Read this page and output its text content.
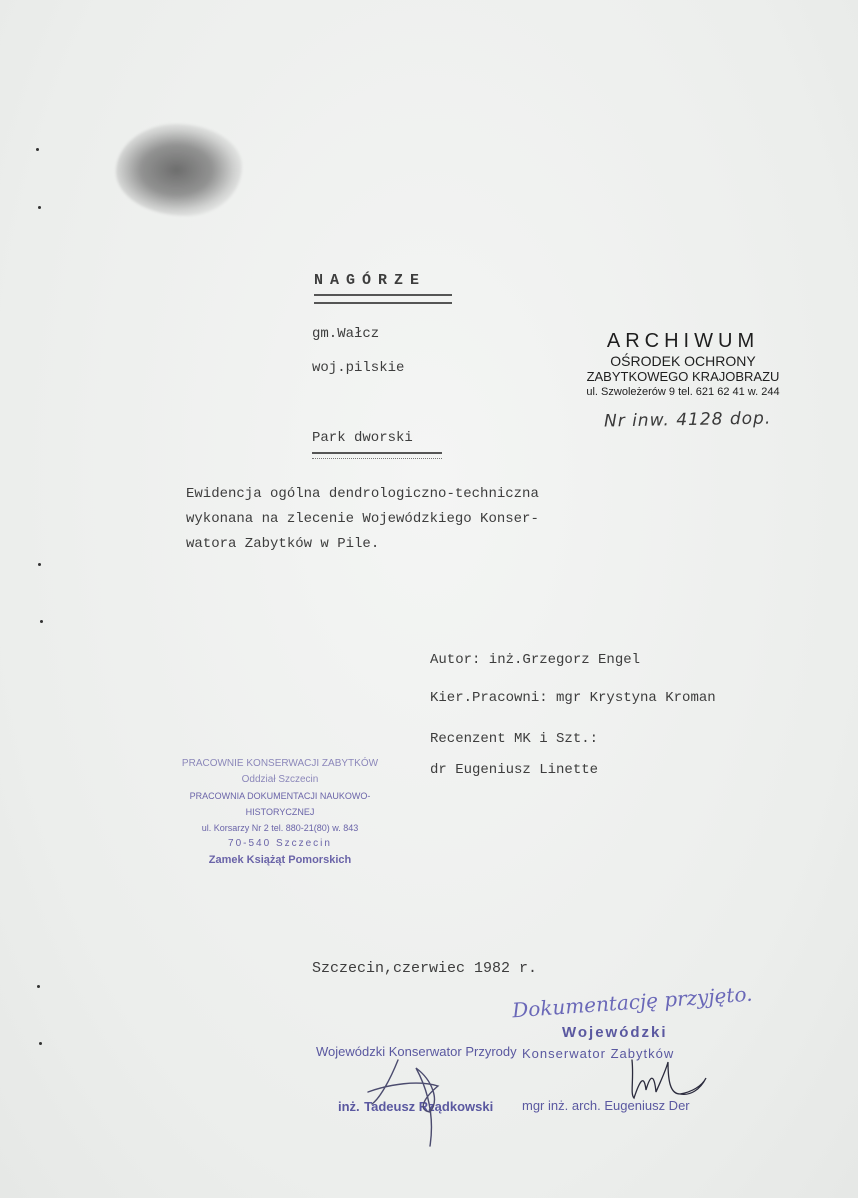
NAGÓRZE
gm.Wałcz
woj.pilskie
ARCHIWUM
OŚRODEK OCHRONY
ZABYTKOWEGO KRAJOBRAZU
ul. Szwoleżerów 9 tel. 621 62 41 w. 244
Nr inw. 4128 dop.
Park dworski
Ewidencja ogólna dendrologiczno-techniczna
wykonana na zlecenie Wojewódzkiego Konser-
watora Zabytków w Pile.
Autor: inż.Grzegorz Engel
Kier.Pracowni: mgr Krystyna Kroman
Recenzent MK i Szt.:
dr Eugeniusz Linette
PRACOWNIE KONSERWACJI ZABYTKÓW
Oddział Szczecin
PRACOWNIA DOKUMENTACJI NAUKOWO-HISTORYCZNEJ
ul. Korsarzy Nr 2 tel. 880-21(80) w. 843
70-540 Szczecin
Zamek Książąt Pomorskich
Szczecin,czerwiec 1982 r.
Dokumentację przyjęto.
Wojewódzki Konserwator Przyrody
inż. Tadeusz Rządkowski
Wojewódzki
Konserwator Zabytków
mgr inż. arch. Eugeniusz Der
